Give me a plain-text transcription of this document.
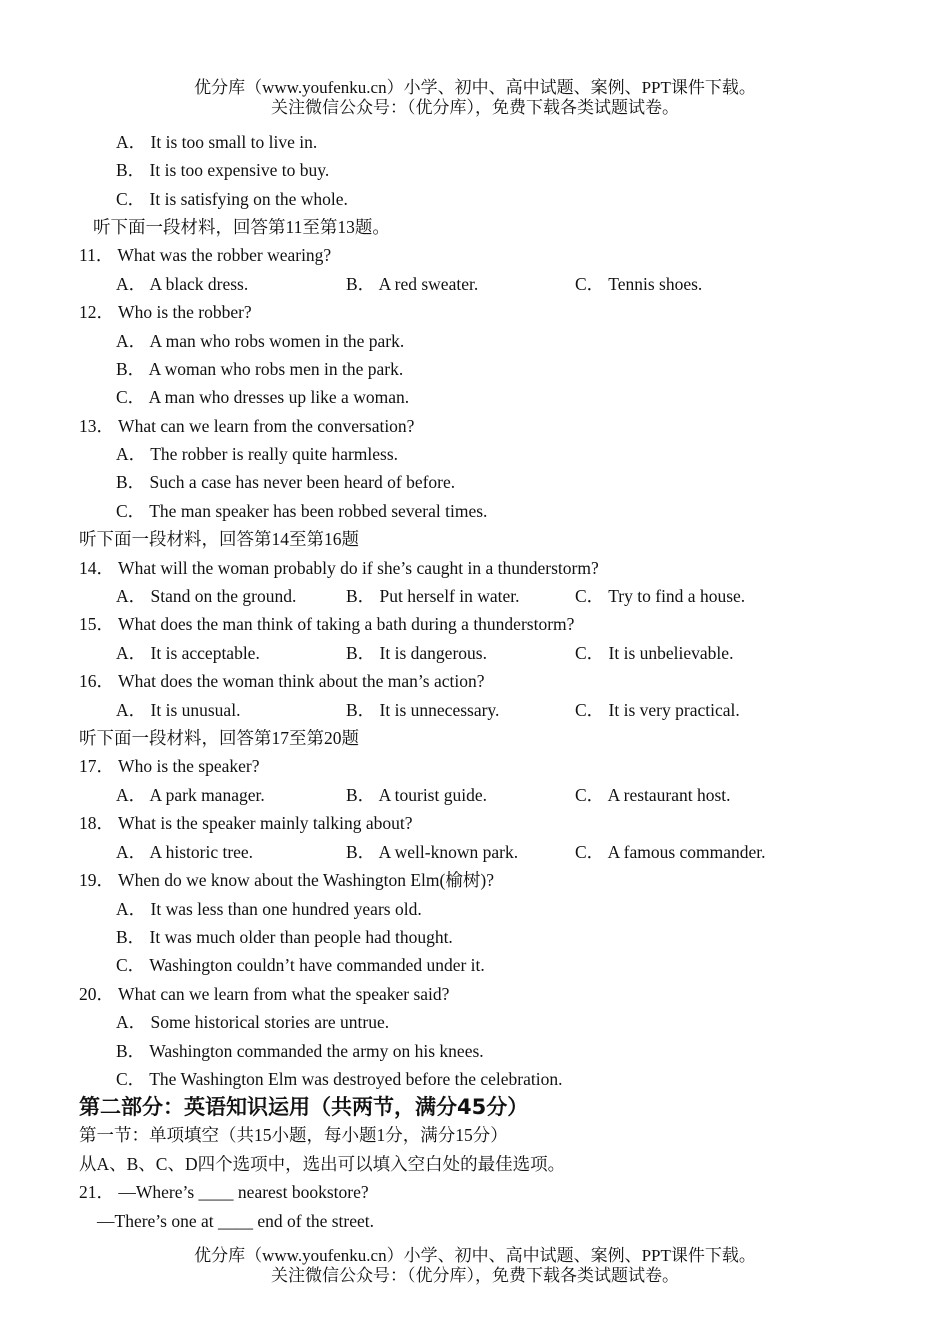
优分库（www.youfenku.cn）小学、初中、高中试题、案例、PPT课件下载。
关注微信公众号：（优分库），免费下载各类试题试卷。
A． It is too small to live in.
B． It is too expensive to buy.
C． It is satisfying on the whole.
听下面一段材料，回答第11至第13题。
11． What was the robber wearing?
A． A black dress.	B． A red sweater.	C． Tennis shoes.
12． Who is the robber?
A． A man who robs women in the park.
B． A woman who robs men in the park.
C． A man who dresses up like a woman.
13． What can we learn from the conversation?
A． The robber is really quite harmless.
B． Such a case has never been heard of before.
C． The man speaker has been robbed several times.
听下面一段材料，回答第14至第16题
14． What will the woman probably do if she’s caught in a thunderstorm?
A． Stand on the ground.	B． Put herself in water.	C． Try to find a house.
15． What does the man think of taking a bath during a thunderstorm?
A． It is acceptable.	B． It is dangerous.	C． It is unbelievable.
16． What does the woman think about the man’s action?
A． It is unusual.	B． It is unnecessary.	C． It is very practical.
听下面一段材料，回答第17至第20题
17． Who is the speaker?
A． A park manager.	B． A tourist guide.	C． A restaurant host.
18． What is the speaker mainly talking about?
A． A historic tree.	B． A well-known park.	C． A famous commander.
19． When do we know about the Washington Elm(榆树)?
A． It was less than one hundred years old.
B． It was much older than people had thought.
C． Washington couldn’t have commanded under it.
20． What can we learn from what the speaker said?
A． Some historical stories are untrue.
B． Washington commanded the army on his knees.
C． The Washington Elm was destroyed before the celebration.
第二部分：英语知识运用（共两节，满分45分）
第一节：单项填空（共15小题，每小题1分，满分15分）
从A、B、C、D四个选项中，选出可以填入空白处的最佳选项。
21． —Where’s ____ nearest bookstore?
—There’s one at ____ end of the street.
优分库（www.youfenku.cn）小学、初中、高中试题、案例、PPT课件下载。
关注微信公众号：（优分库），免费下载各类试题试卷。
